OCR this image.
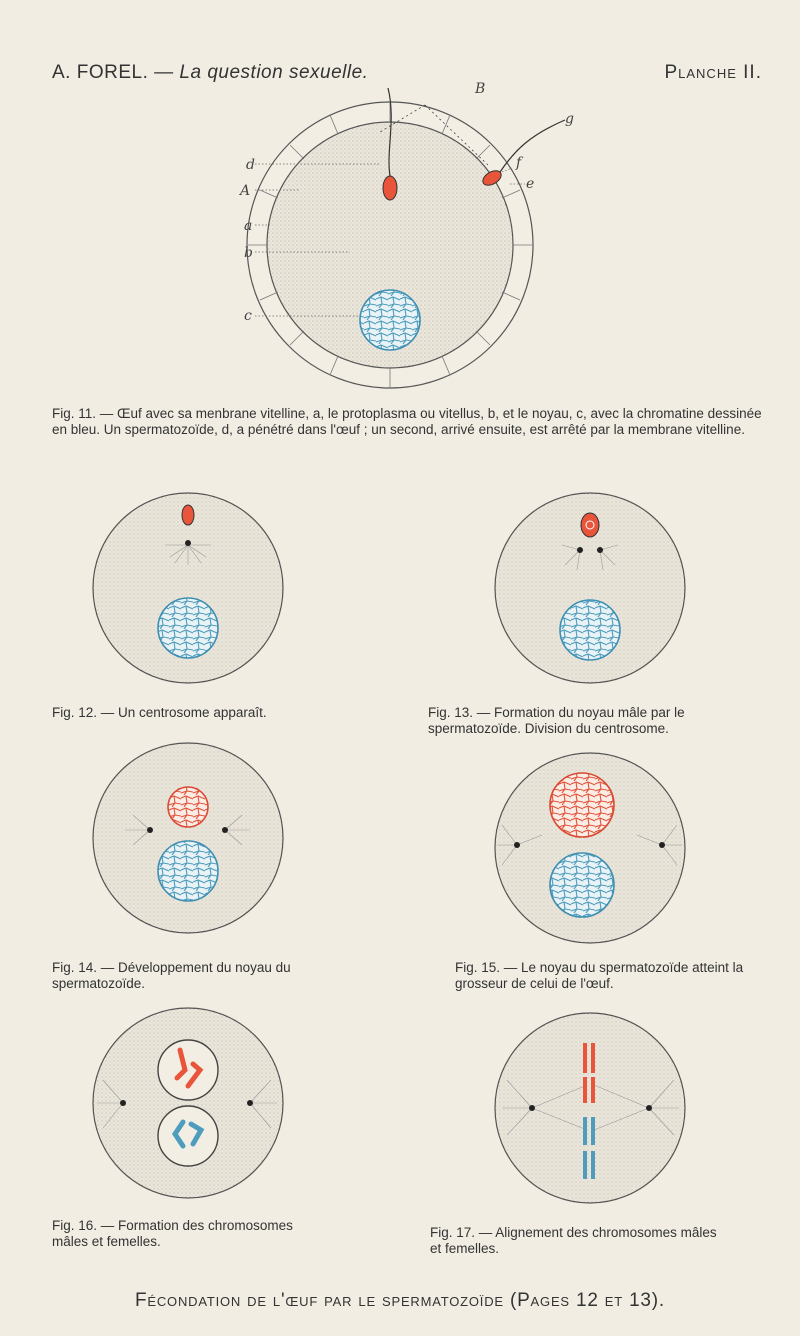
A. FOREL. — La question sexuelle.	Planche II.
B
g
f
e
d
A
a
b
c
Fig. 11. — Œuf avec sa menbrane vitelline, a, le protoplasma ou vitellus, b, et le noyau, c, avec la chromatine dessinée en bleu. Un spermatozoïde, d, a pénétré dans l'œuf ; un second, arrivé ensuite, est arrêté par la membrane vitelline.
Fig. 12. — Un centrosome apparaît.	Fig. 13. — Formation du noyau mâle par le spermatozoïde. Division du centrosome.
Fig. 14. — Développement du noyau du spermatozoïde.
Fig. 15. — Le noyau du spermatozoïde atteint la grosseur de celui de l'œuf.
Fig. 16. — Formation des chromosomes mâles et femelles.
Fig. 17. — Alignement des chromosomes mâles et femelles.
Fécondation de l'œuf par le spermatozoïde (Pages 12 et 13).
